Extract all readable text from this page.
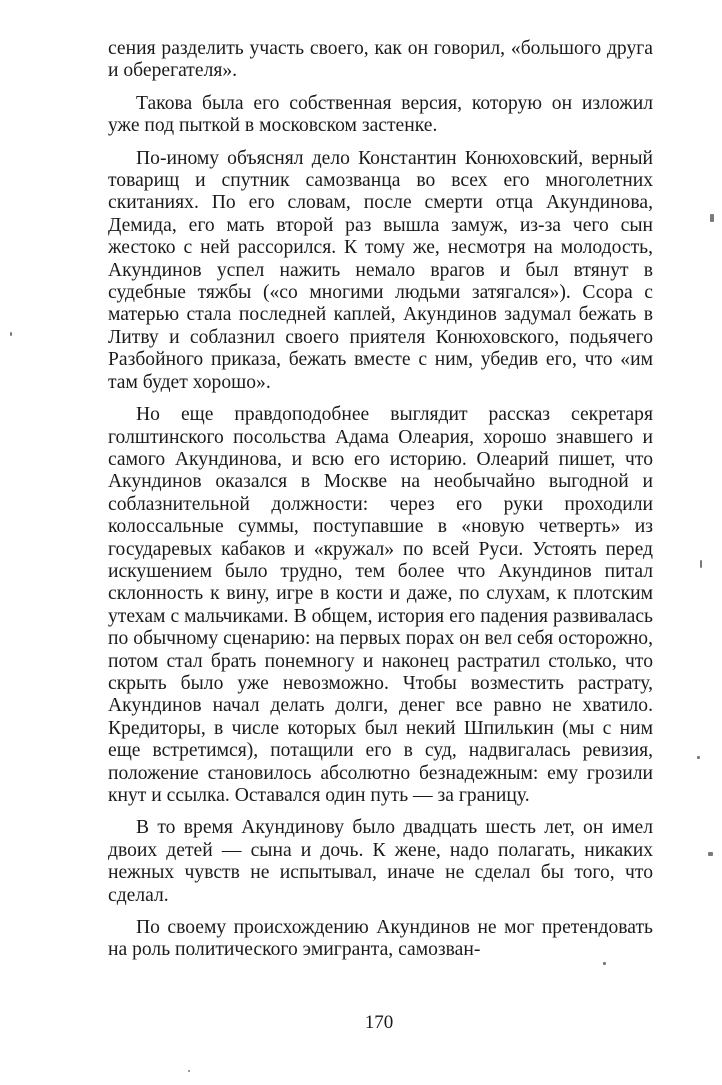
сения разделить участь своего, как он говорил, «большого друга и оберегателя».

Такова была его собственная версия, которую он изложил уже под пыткой в московском застенке.

По-иному объяснял дело Константин Конюховский, верный товарищ и спутник самозванца во всех его многолетних скитаниях. По его словам, после смерти отца Акундинова, Демида, его мать второй раз вышла замуж, из-за чего сын жестоко с ней рассорился. К тому же, несмотря на молодость, Акундинов успел нажить немало врагов и был втянут в судебные тяжбы («со многими людьми затягался»). Ссора с матерью стала последней каплей, Акундинов задумал бежать в Литву и соблазнил своего приятеля Конюховского, подьячего Разбойного приказа, бежать вместе с ним, убедив его, что «им там будет хорошо».

Но еще правдоподобнее выглядит рассказ секретаря голштинского посольства Адама Олеария, хорошо знавшего и самого Акундинова, и всю его историю. Олеарий пишет, что Акундинов оказался в Москве на необычайно выгодной и соблазнительной должности: через его руки проходили колоссальные суммы, поступавшие в «новую четверть» из государевых кабаков и «кружал» по всей Руси. Устоять перед искушением было трудно, тем более что Акундинов питал склонность к вину, игре в кости и даже, по слухам, к плотским утехам с мальчиками. В общем, история его падения развивалась по обычному сценарию: на первых порах он вел себя осторожно, потом стал брать понемногу и наконец растратил столько, что скрыть было уже невозможно. Чтобы возместить растрату, Акундинов начал делать долги, денег все равно не хватило. Кредиторы, в числе которых был некий Шпилькин (мы с ним еще встретимся), потащили его в суд, надвигалась ревизия, положение становилось абсолютно безнадежным: ему грозили кнут и ссылка. Оставался один путь — за границу.

В то время Акундинову было двадцать шесть лет, он имел двоих детей — сына и дочь. К жене, надо полагать, никаких нежных чувств не испытывал, иначе не сделал бы того, что сделал.

По своему происхождению Акундинов не мог претендовать на роль политического эмигранта, самозван-

170
